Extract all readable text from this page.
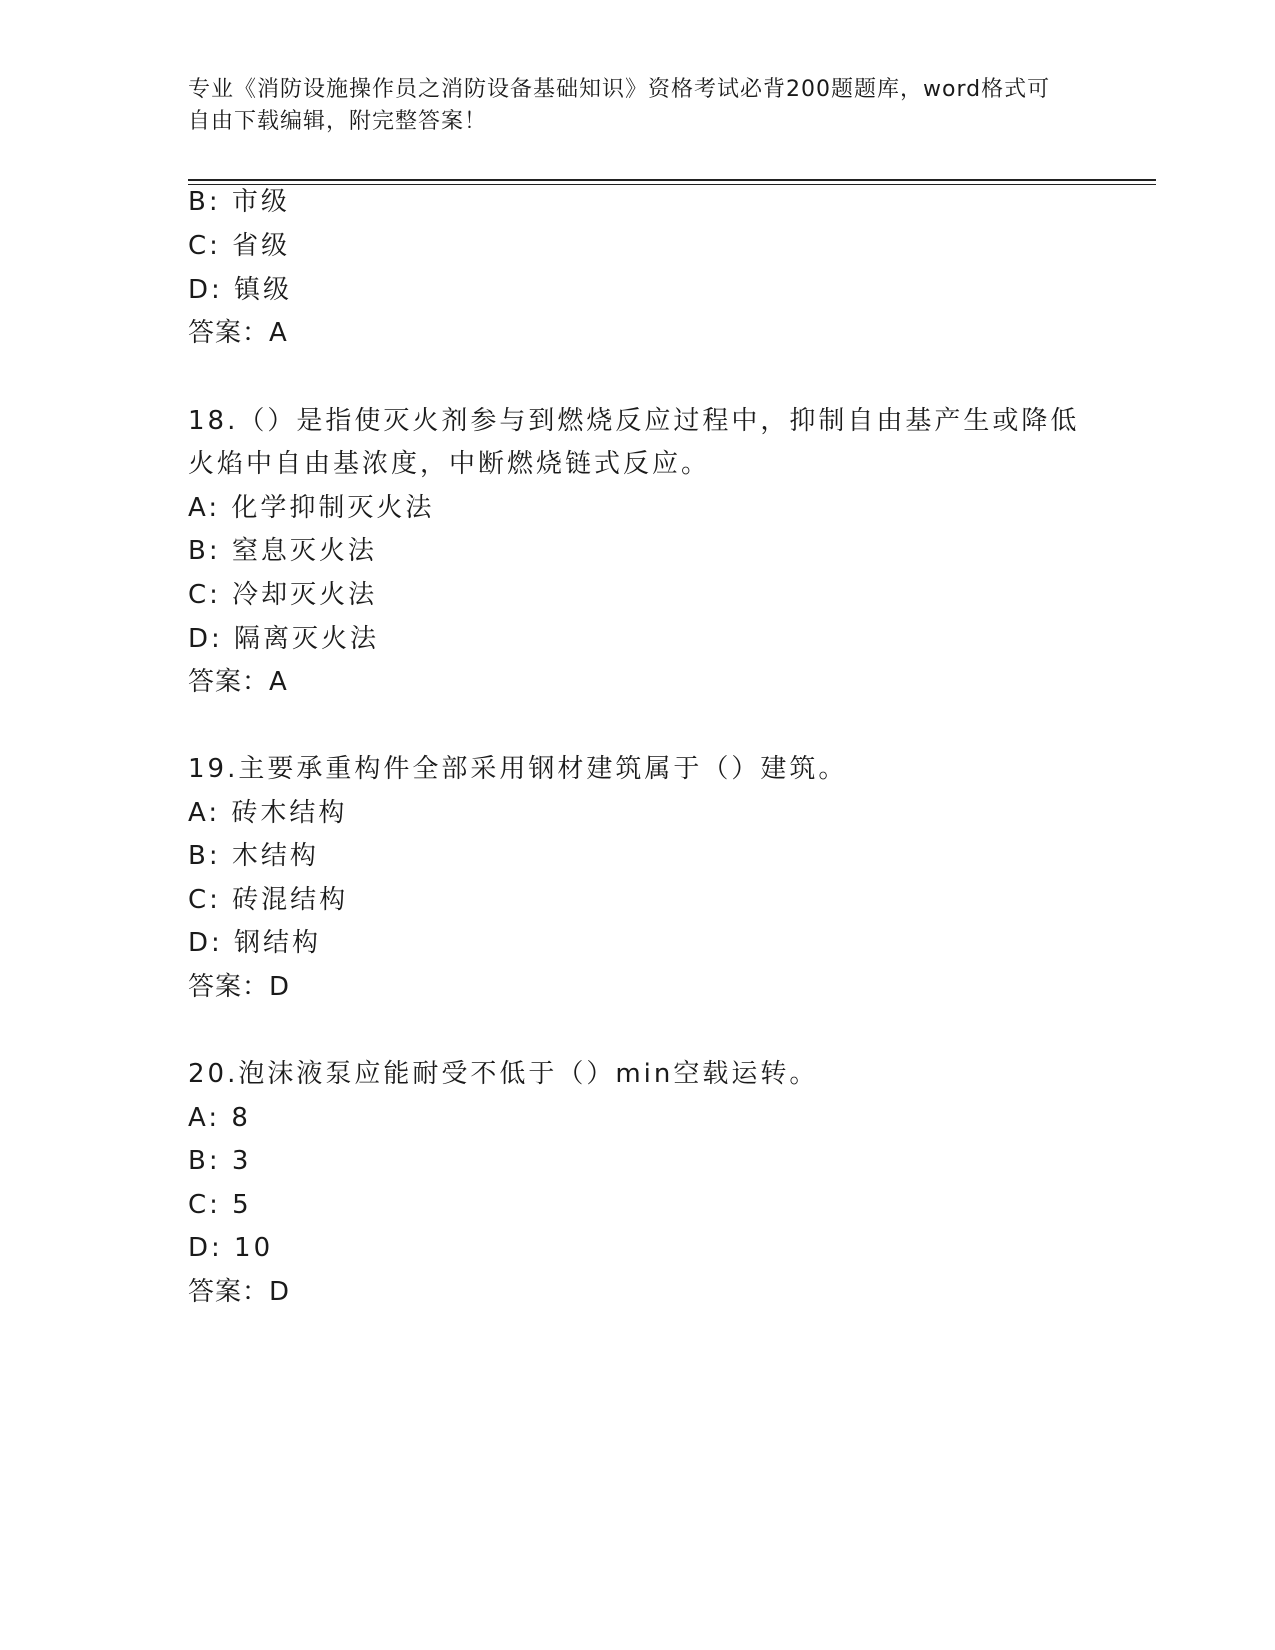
专业《消防设施操作员之消防设备基础知识》资格考试必背200题题库，word格式可自由下载编辑，附完整答案！
B: 市级
C: 省级
D: 镇级
答案：A
18.（）是指使灭火剂参与到燃烧反应过程中，抑制自由基产生或降低
火焰中自由基浓度，中断燃烧链式反应。
A: 化学抑制灭火法
B: 窒息灭火法
C: 冷却灭火法
D: 隔离灭火法
答案：A
19.主要承重构件全部采用钢材建筑属于（）建筑。
A: 砖木结构
B: 木结构
C: 砖混结构
D: 钢结构
答案：D
20.泡沫液泵应能耐受不低于（）min空载运转。
A: 8
B: 3
C: 5
D: 10
答案：D
